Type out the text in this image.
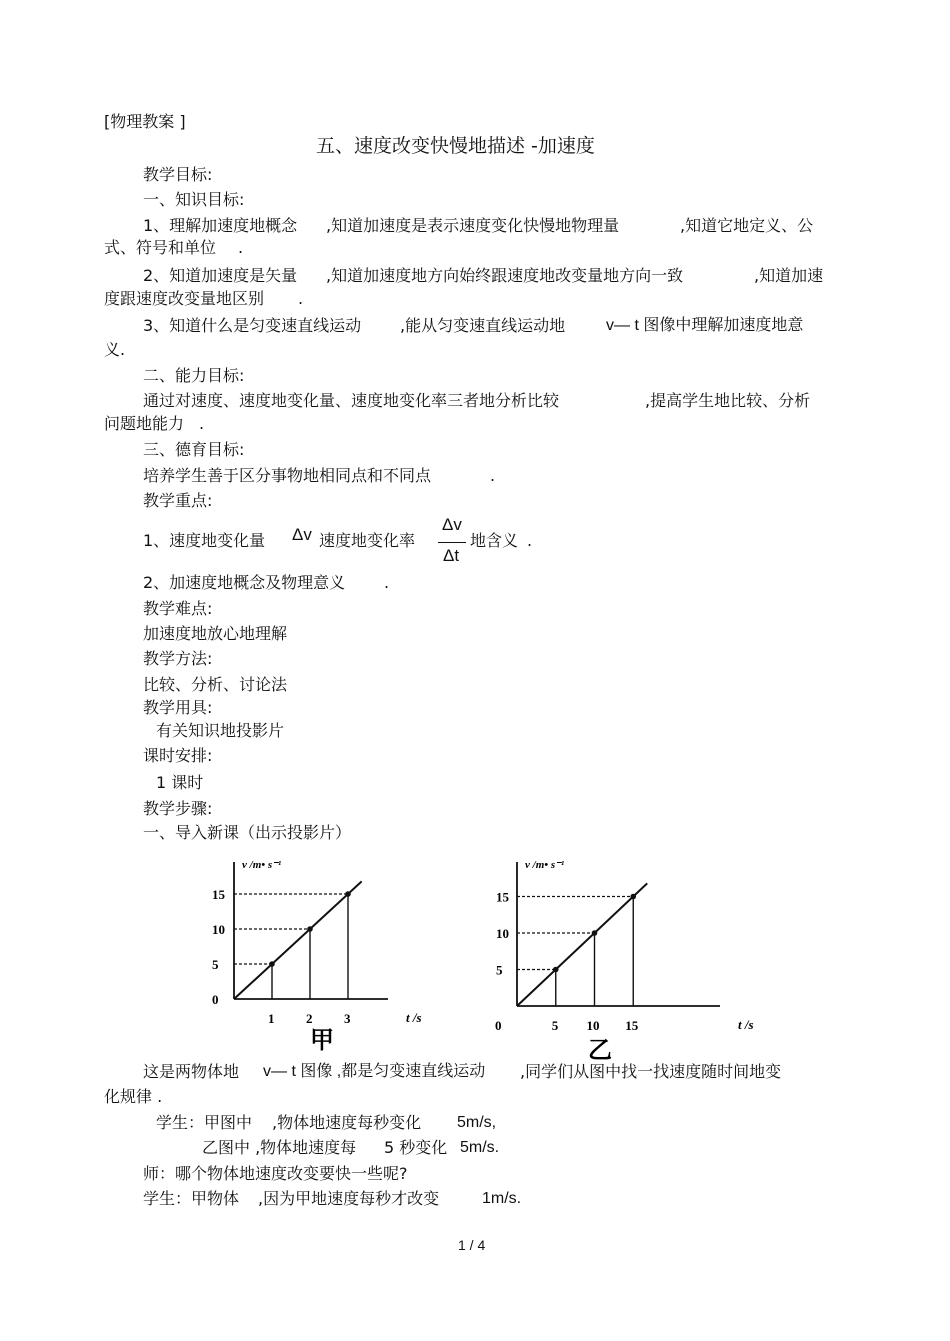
[物理教案 ]
五、速度改变快慢地描述 -加速度
教学目标:
一、知识目标:
1、理解加速度地概念 ,知道加速度是表示速度变化快慢地物理量	,知道它地定义、公
式、符号和单位 .
2、知道加速度是矢量 ,知道加速度地方向始终跟速度地改变量地方向一致	,知道加速
度跟速度改变量地区别 .
3、知道什么是匀变速直线运动 ,能从匀变速直线运动地	v— t 图像中理解加速度地意
义.
二、能力目标:
通过对速度、速度地变化量、速度地变化率三者地分析比较	,提高学生地比较、分析
问题地能力 .
三、德育目标:
培养学生善于区分事物地相同点和不同点	.
教学重点:
1、速度地变化量 Δv 速度地变化率
Δv
Δt
地含义 .
2、加速度地概念及物理意义 .
教学难点:
加速度地放心地理解
教学方法:
比较、分析、讨论法
教学用具:
有关知识地投影片
课时安排:
1 课时
教学步骤:
一、导入新课（出示投影片）
v /m• s⁻¹
t /s
0
5
10
15
1 2 3
甲
v /m• s⁻¹
t /s
5
10
15
0	5 10 15
乙
这是两物体地 v— t 图像 ,都是匀变速直线运动 ,同学们从图中找一找速度随时间地变
化规律 .
学生：甲图中 ,物体地速度每秒变化 5m/s,
乙图中 ,物体地速度每 5 秒变化 5m/s.
师：哪个物体地速度改变要快一些呢?
学生：甲物体 ,因为甲地速度每秒才改变	1m/s.
1 / 4
